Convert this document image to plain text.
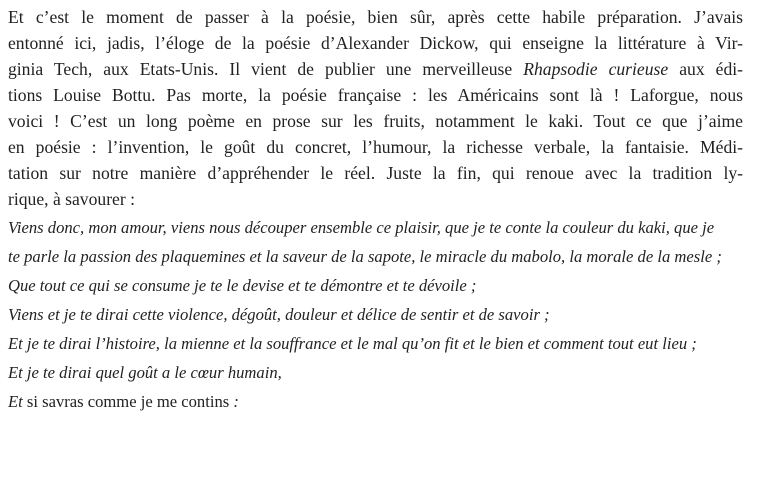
Et c’est le moment de passer à la poésie, bien sûr, après cette habile préparation. J’avais
entonné ici, jadis, l’éloge de la poésie d’Alexander Dickow, qui enseigne la littérature à Vir-
ginia Tech, aux Etats-Unis. Il vient de publier une merveilleuse Rhapsodie curieuse aux édi-
tions Louise Bottu. Pas morte, la poésie française : les Américains sont là ! Laforgue, nous
voici ! C’est un long poème en prose sur les fruits, notamment le kaki. Tout ce que j’aime
en poésie : l’invention, le goût du concret, l’humour, la richesse verbale, la fantaisie. Médi-
tation sur notre manière d’appréhender le réel. Juste la fin, qui renoue avec la tradition ly-
rique, à savourer :
Viens donc, mon amour, viens nous découper ensemble ce plaisir, que je te conte la couleur du kaki, que je
te parle la passion des plaquemines et la saveur de la sapote, le miracle du mabolo, la morale de la mesle ;
Que tout ce qui se consume je te le devise et te démontre et te dévoile ;
Viens et je te dirai cette violence, dégoût, douleur et délice de sentir et de savoir ;
Et je te dirai l’histoire, la mienne et la souffrance et le mal qu’on fit et le bien et comment tout eut lieu ;
Et je te dirai quel goût a le cœur humain,
Et si savras comme je me contins :
